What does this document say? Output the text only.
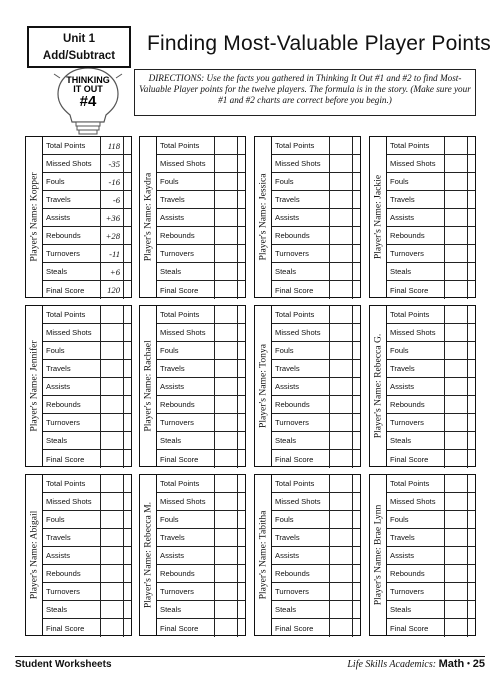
Unit 1
Add/Subtract
Finding Most-Valuable Player Points
THINKING
IT OUT
#4
DIRECTIONS: Use the facts you gathered in Thinking It Out #1 and #2 to find Most-Valuable Player points for the twelve players. The formula is in the story. (Make sure your #1 and #2 charts are correct before you begin.)
Player's Name: Kopper
Total Points	118
Missed Shots	-35
Fouls	-16
Travels	-6
Assists	+36
Rebounds	+28
Turnovers	-11
Steals	+6
Final Score	120
Player's Name: Kaydra
Total Points
Missed Shots
Fouls
Travels
Assists
Rebounds
Turnovers
Steals
Final Score
Player's Name: Jessica
Total Points
Missed Shots
Fouls
Travels
Assists
Rebounds
Turnovers
Steals
Final Score
Player's Name: Jackie
Total Points
Missed Shots
Fouls
Travels
Assists
Rebounds
Turnovers
Steals
Final Score
Player's Name: Jennifer
Total Points
Missed Shots
Fouls
Travels
Assists
Rebounds
Turnovers
Steals
Final Score
Player's Name: Rachael
Total Points
Missed Shots
Fouls
Travels
Assists
Rebounds
Turnovers
Steals
Final Score
Player's Name: Tonya
Total Points
Missed Shots
Fouls
Travels
Assists
Rebounds
Turnovers
Steals
Final Score
Player's Name: Rebecca G.
Total Points
Missed Shots
Fouls
Travels
Assists
Rebounds
Turnovers
Steals
Final Score
Player's Name: Abigail
Total Points
Missed Shots
Fouls
Travels
Assists
Rebounds
Turnovers
Steals
Final Score
Player's Name: Rebecca M.
Total Points
Missed Shots
Fouls
Travels
Assists
Rebounds
Turnovers
Steals
Final Score
Player's Name: Tabitha
Total Points
Missed Shots
Fouls
Travels
Assists
Rebounds
Turnovers
Steals
Final Score
Player's Name: Brae Lynn
Total Points
Missed Shots
Fouls
Travels
Assists
Rebounds
Turnovers
Steals
Final Score
Student Worksheets	Life Skills Academics: Math • 25
